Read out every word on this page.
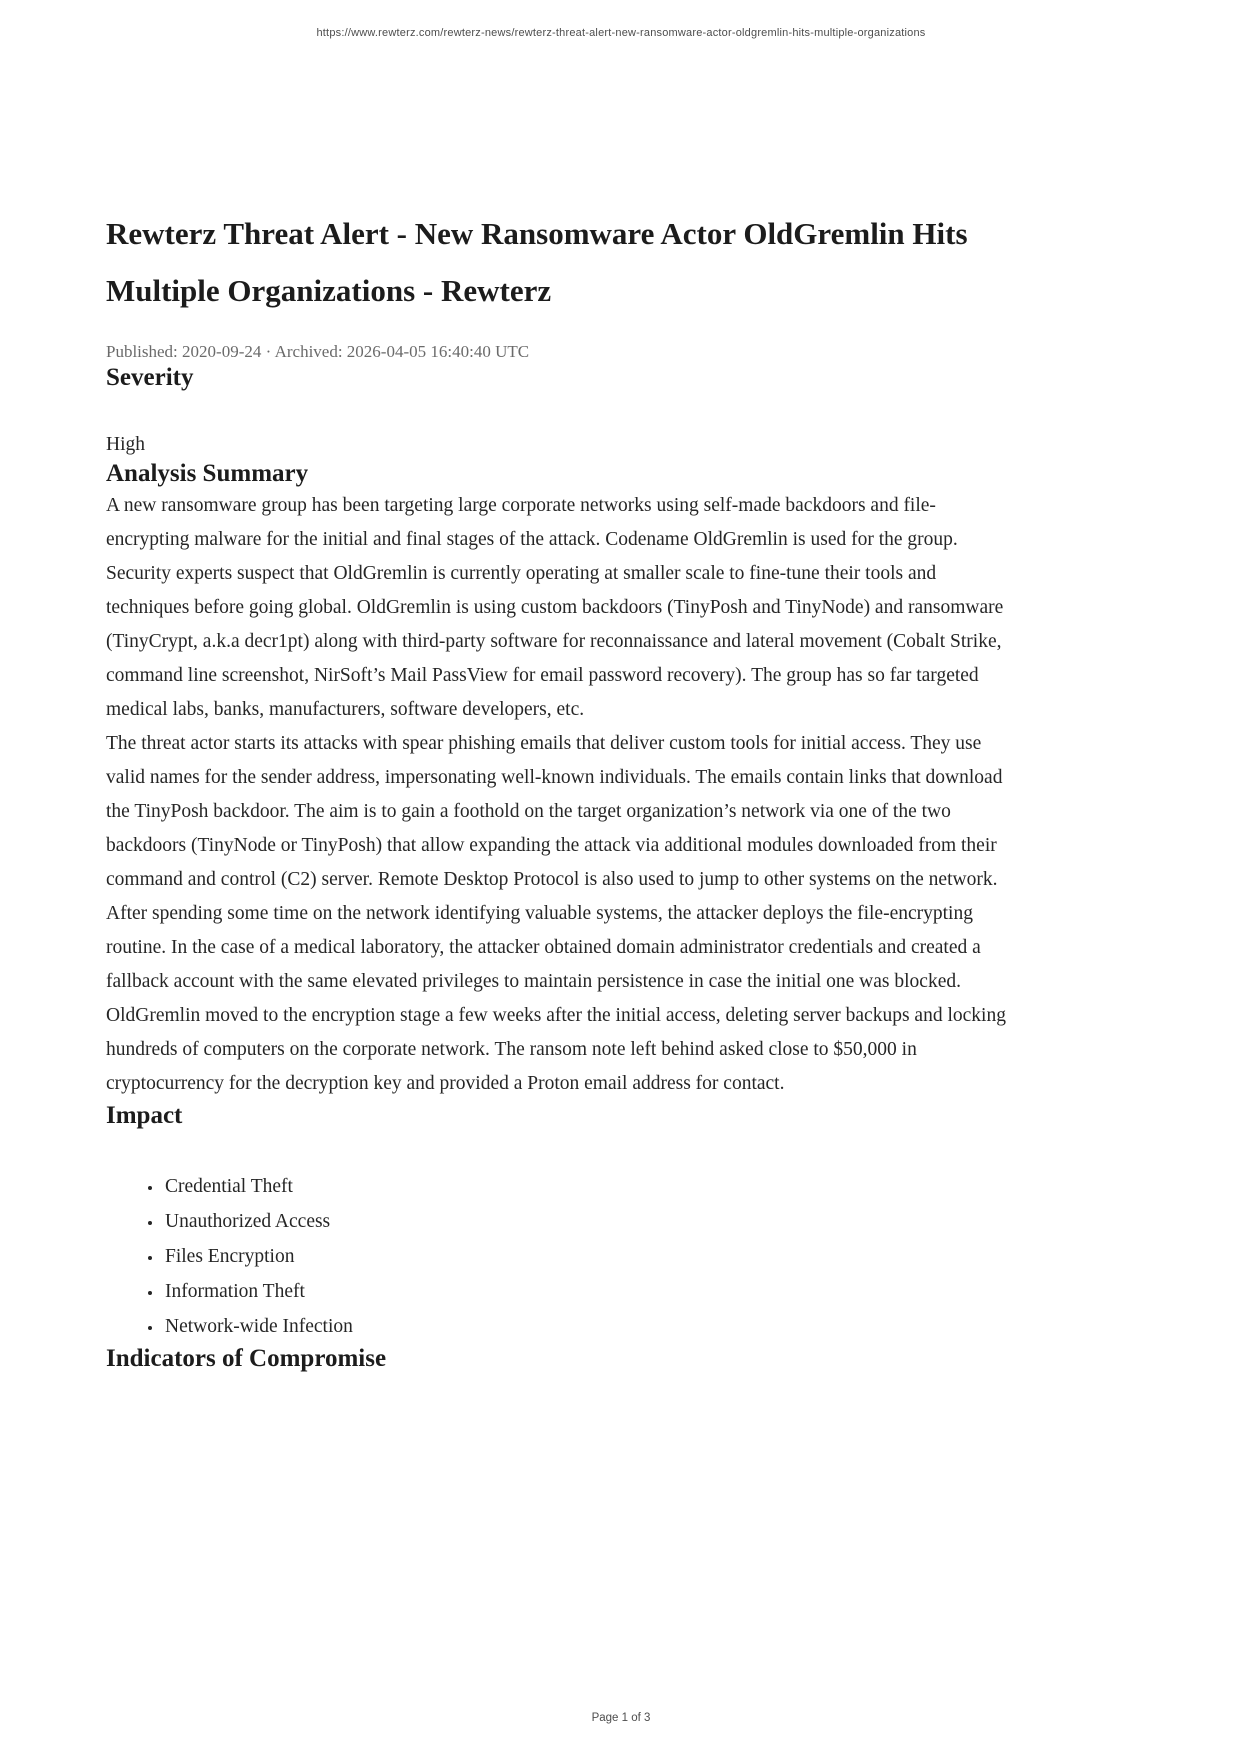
https://www.rewterz.com/rewterz-news/rewterz-threat-alert-new-ransomware-actor-oldgremlin-hits-multiple-organizations
Rewterz Threat Alert - New Ransomware Actor OldGremlin Hits Multiple Organizations - Rewterz
Published: 2020-09-24 · Archived: 2026-04-05 16:40:40 UTC
Severity
High
Analysis Summary

A new ransomware group has been targeting large corporate networks using self-made backdoors and file-encrypting malware for the initial and final stages of the attack. Codename OldGremlin is used for the group. Security experts suspect that OldGremlin is currently operating at smaller scale to fine-tune their tools and techniques before going global. OldGremlin is using custom backdoors (TinyPosh and TinyNode) and ransomware (TinyCrypt, a.k.a decr1pt) along with third-party software for reconnaissance and lateral movement (Cobalt Strike, command line screenshot, NirSoft’s Mail PassView for email password recovery). The group has so far targeted medical labs, banks, manufacturers, software developers, etc.

The threat actor starts its attacks with spear phishing emails that deliver custom tools for initial access. They use valid names for the sender address, impersonating well-known individuals. The emails contain links that download the TinyPosh backdoor. The aim is to gain a foothold on the target organization’s network via one of the two backdoors (TinyNode or TinyPosh) that allow expanding the attack via additional modules downloaded from their command and control (C2) server. Remote Desktop Protocol is also used to jump to other systems on the network. After spending some time on the network identifying valuable systems, the attacker deploys the file-encrypting routine. In the case of a medical laboratory, the attacker obtained domain administrator credentials and created a fallback account with the same elevated privileges to maintain persistence in case the initial one was blocked. OldGremlin moved to the encryption stage a few weeks after the initial access, deleting server backups and locking hundreds of computers on the corporate network. The ransom note left behind asked close to $50,000 in cryptocurrency for the decryption key and provided a Proton email address for contact.

Impact
• Credential Theft
• Unauthorized Access
• Files Encryption
• Information Theft
• Network-wide Infection
Indicators of Compromise
Page 1 of 3
